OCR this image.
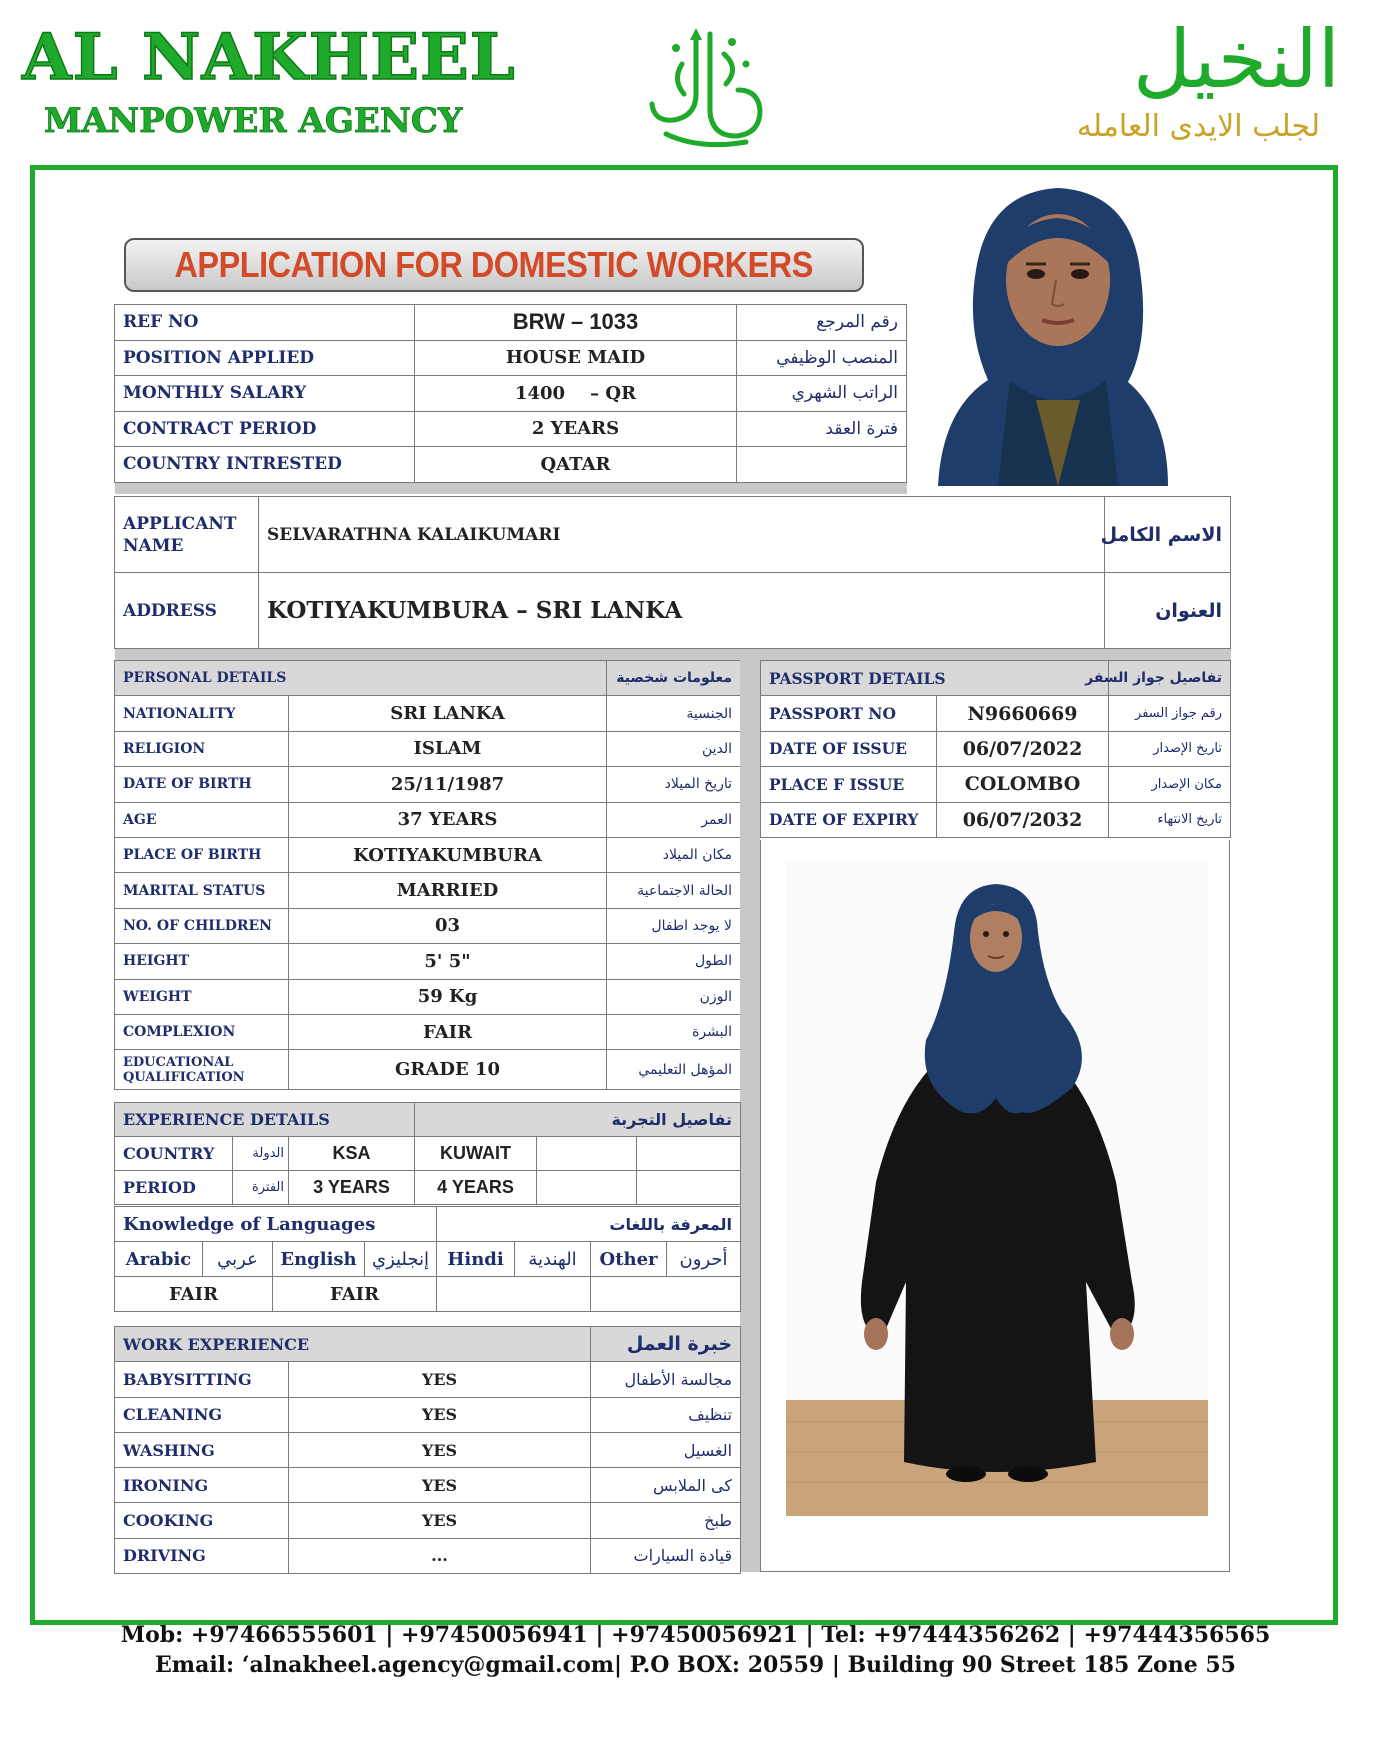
AL NAKHEEL
MANPOWER AGENCY
النخيل
النخيل
لجلب الايدى العامله
APPLICATION FOR DOMESTIC WORKERS
REF NO	BRW – 1033	رقم المرجع
POSITION APPLIED	HOUSE MAID	المنصب الوظيفي
MONTHLY SALARY	1400    – QR	الراتب الشهري
CONTRACT PERIOD	2 YEARS	فترة العقد
COUNTRY INTRESTED	QATAR	

APPLICANT NAME	SELVARATHNA KALAIKUMARI	الاسم الكامل
ADDRESS	KOTIYAKUMBURA – SRI LANKA	العنوان

PERSONAL DETAILS		معلومات شخصية
NATIONALITY	SRI LANKA	الجنسية
RELIGION	ISLAM	الدين
DATE OF BIRTH	25/11/1987	تاريخ الميلاد
AGE	37 YEARS	العمر
PLACE OF BIRTH	KOTIYAKUMBURA	مكان الميلاد
MARITAL STATUS	MARRIED	الحالة الاجتماعية
NO. OF CHILDREN	03	لا يوجد اطفال
HEIGHT	5' 5"	الطول
WEIGHT	59 Kg	الوزن
COMPLEXION	FAIR	البشرة
EDUCATIONAL QUALIFICATION	GRADE 10	المؤهل التعليمي
PASSPORT DETAILS		تفاصيل جواز السفر
PASSPORT NO	N9660669	رقم جواز السفر
DATE OF ISSUE	06/07/2022	تاريخ الإصدار
PLACE F ISSUE	COLOMBO	مكان الإصدار
DATE OF EXPIRY	06/07/2032	تاريخ الانتهاء
EXPERIENCE DETAILS			تفاصيل التجربة		
COUNTRY	الدولة	KSA	KUWAIT		
PERIOD	الفترة	3 YEARS	4 YEARS		
Knowledge of Languages				المعرفة باللغات			
Arabic	عربي	English	إنجليزي	Hindi	الهندية	Other	أحرون
FAIR		FAIR					
WORK EXPERIENCE		خبرة العمل
BABYSITTING	YES	مجالسة الأطفال
CLEANING	YES	تنظيف
WASHING	YES	الغسيل
IRONING	YES	كى الملابس
COOKING	YES	طبخ
DRIVING	...	قيادة السيارات
Mob: +97466555601 | +97450056941 | +97450056921 | Tel: +97444356262 | +97444356565
Email: ‘alnakheel.agency@gmail.com| P.O BOX: 20559 | Building 90 Street 185 Zone 55
